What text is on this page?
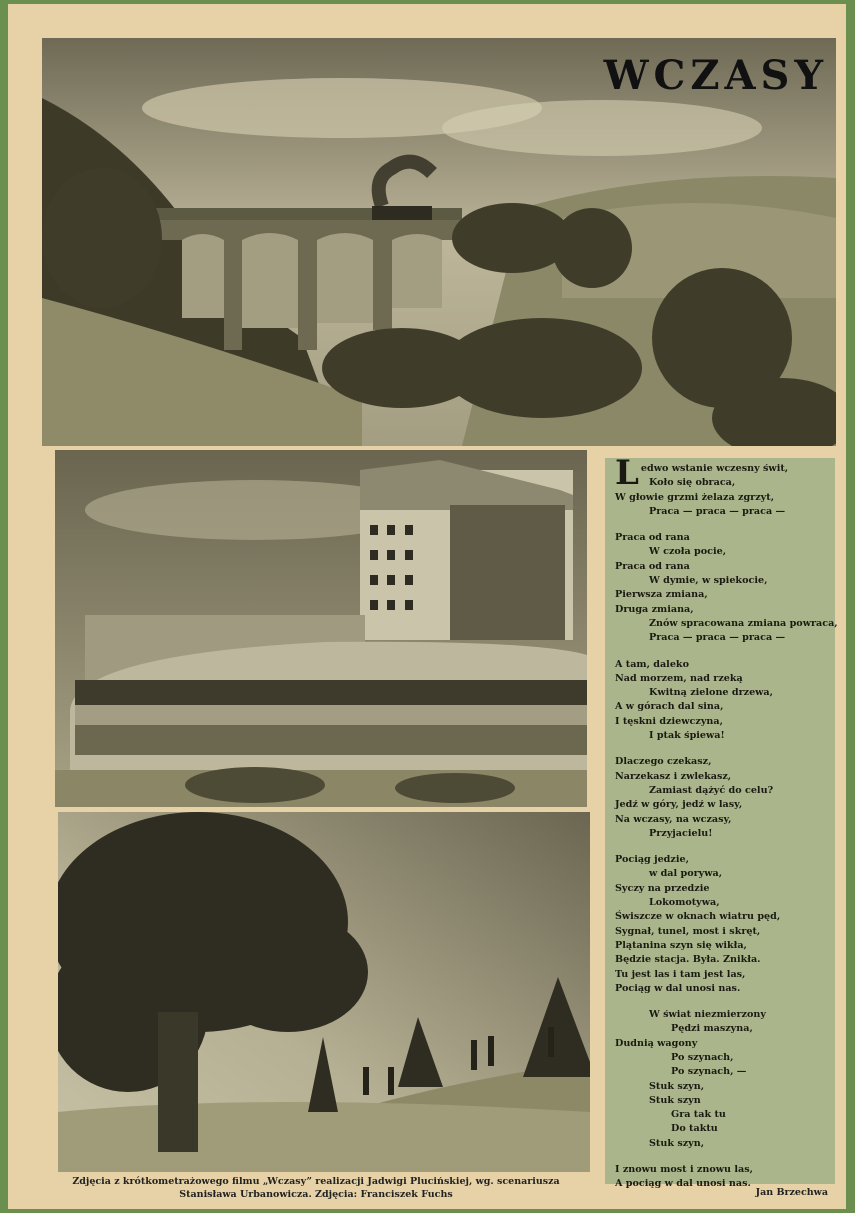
WCZASY
L edwo wstanie wczesny świt,
Koło się obraca,
W głowie grzmi żelaza zgrzyt,
Praca — praca — praca —
Praca od rana
W czoła pocie,
Praca od rana
W dymie, w spiekocie,
Pierwsza zmiana,
Druga zmiana,
Znów spracowana zmiana powraca,
Praca — praca — praca —
A tam, daleko
Nad morzem, nad rzeką
Kwitną zielone drzewa,
A w górach dal sina,
I tęskni dziewczyna,
I ptak śpiewa!
Dlaczego czekasz,
Narzekasz i zwlekasz,
Zamiast dążyć do celu?
Jedź w góry, jedź w lasy,
Na wczasy, na wczasy,
Przyjacielu!
Pociąg jedzie,
w dal porywa,
Syczy na przedzie
Lokomotywa,
Świszcze w oknach wiatru pęd,
Sygnał, tunel, most i skręt,
Plątanina szyn się wikła,
Będzie stacja. Była. Znikła.
Tu jest las i tam jest las,
Pociąg w dal unosi nas.
W świat niezmierzony
Pędzi maszyna,
Dudnią wagony
Po szynach,
Po szynach, —
Stuk szyn,
Stuk szyn
Gra tak tu
Do taktu
Stuk szyn,
I znowu most i znowu las,
A pociąg w dal unosi nas.
Zdjęcia z krótkometrażowego filmu „Wczasy” realizacji Jadwigi Plucińskiej, wg. scenariusza
Stanisława Urbanowicza. Zdjęcia: Franciszek Fuchs	Jan Brzechwa
